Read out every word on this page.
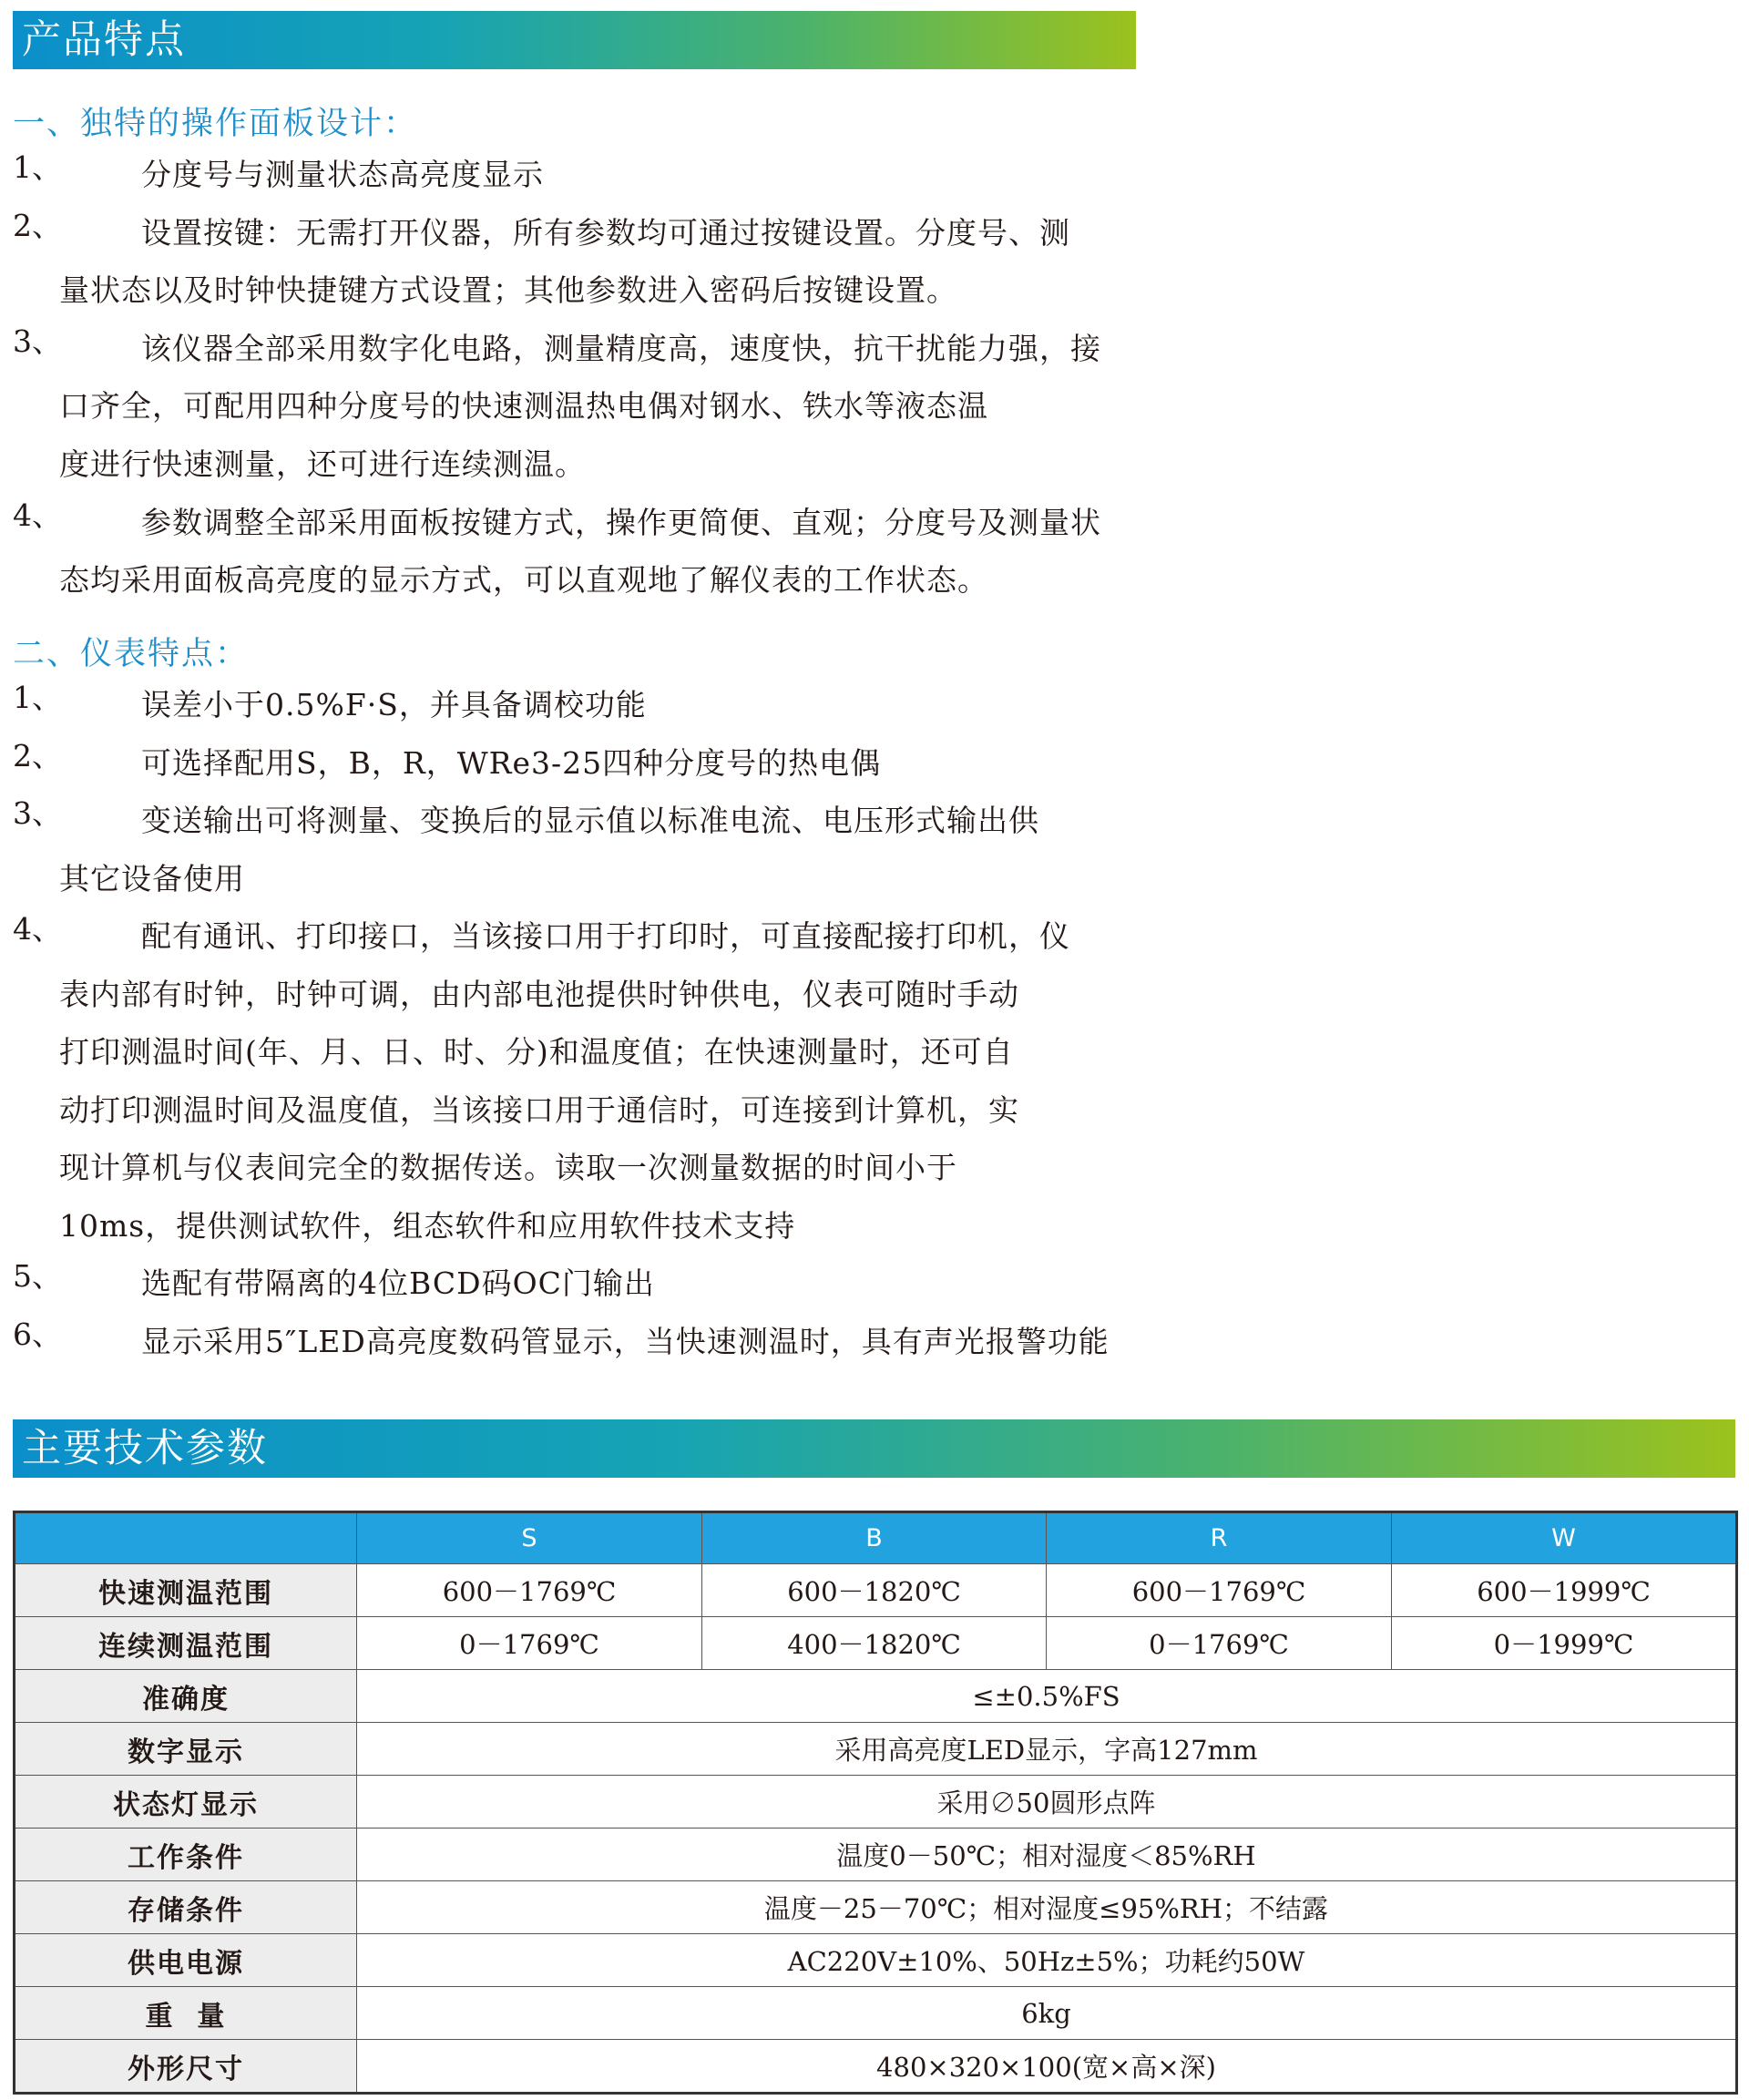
产品特点
一、独特的操作面板设计：
二、仪表特点：
主要技术参数
	S	B	R	W
快速测温范围	600－1769℃	600－1820℃	600－1769℃	600－1999℃
连续测温范围	0－1769℃	400－1820℃	0－1769℃	0－1999℃
准确度	≤±0.5%FS			
数字显示	采用高亮度LED显示，字高127mm			
状态灯显示	采用∅50圆形点阵			
工作条件	温度0－50℃；相对湿度＜85%RH			
存储条件	温度－25－70℃；相对湿度≤95%RH；不结露			
供电电源	AC220V±10%、50Hz±5%；功耗约50W			
重  量	6kg			
外形尺寸	480×320×100(宽×高×深)			
1、	分度号与测量状态高亮度显示
2、	设置按键：无需打开仪器，所有参数均可通过按键设置。分度号、测
量状态以及时钟快捷键方式设置；其他参数进入密码后按键设置。
3、	该仪器全部采用数字化电路，测量精度高，速度快，抗干扰能力强，接
口齐全，可配用四种分度号的快速测温热电偶对钢水、铁水等液态温
度进行快速测量，还可进行连续测温。
4、	参数调整全部采用面板按键方式，操作更简便、直观；分度号及测量状
态均采用面板高亮度的显示方式，可以直观地了解仪表的工作状态。
1、	误差小于0.5%F·S，并具备调校功能
2、	可选择配用S，B，R，WRe3-25四种分度号的热电偶
3、	变送输出可将测量、变换后的显示值以标准电流、电压形式输出供
其它设备使用
4、	配有通讯、打印接口，当该接口用于打印时，可直接配接打印机，仪
表内部有时钟，时钟可调，由内部电池提供时钟供电，仪表可随时手动
打印测温时间(年、月、日、时、分)和温度值；在快速测量时，还可自
动打印测温时间及温度值，当该接口用于通信时，可连接到计算机，实
现计算机与仪表间完全的数据传送。读取一次测量数据的时间小于
10ms，提供测试软件，组态软件和应用软件技术支持
5、	选配有带隔离的4位BCD码OC门输出
6、	显示采用5″LED高亮度数码管显示，当快速测温时，具有声光报警功能
